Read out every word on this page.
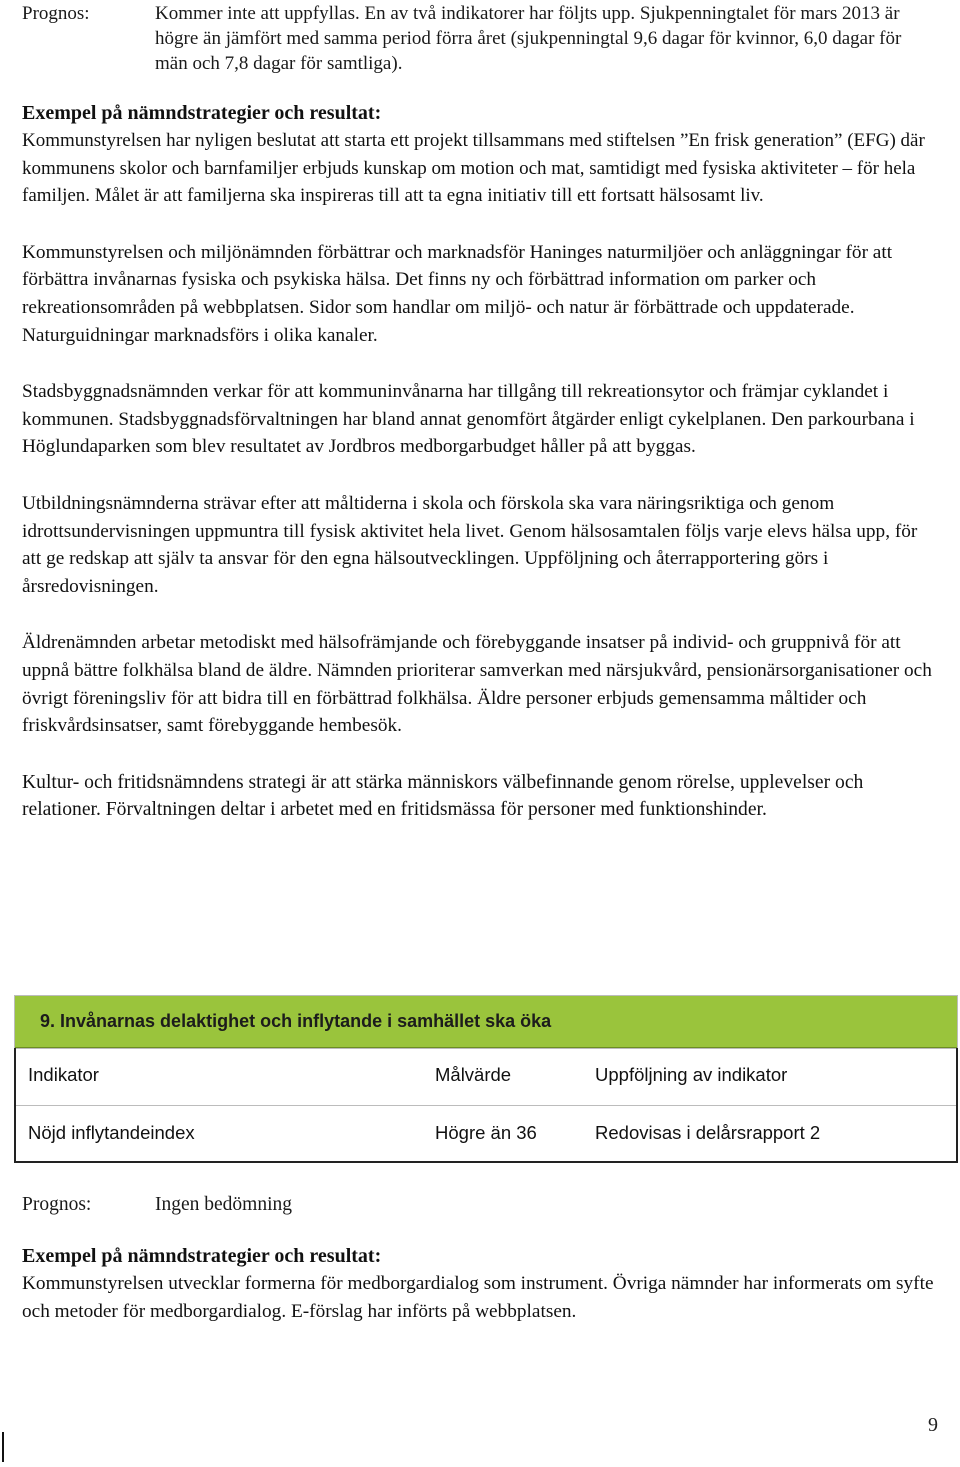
Prognos:	Kommer inte att uppfyllas. En av två indikatorer har följts upp. Sjukpenningtalet för mars 2013 är högre än jämfört med samma period förra året (sjukpenningtal 9,6 dagar för kvinnor, 6,0 dagar för män och 7,8 dagar för samtliga).
Exempel på nämndstrategier och resultat:

Kommunstyrelsen har nyligen beslutat att starta ett projekt tillsammans med stiftelsen ”En frisk generation” (EFG) där kommunens skolor och barnfamiljer erbjuds kunskap om motion och mat, samtidigt med fysiska aktiviteter – för hela familjen. Målet är att familjerna ska inspireras till att ta egna initiativ till ett fortsatt hälsosamt liv.

Kommunstyrelsen och miljönämnden förbättrar och marknadsför Haninges naturmiljöer och anläggningar för att förbättra invånarnas fysiska och psykiska hälsa. Det finns ny och förbättrad information om parker och rekreationsområden på webbplatsen. Sidor som handlar om miljö- och natur är förbättrade och uppdaterade. Naturguidningar marknadsförs i olika kanaler.

Stadsbyggnadsnämnden verkar för att kommuninvånarna har tillgång till rekreationsytor och främjar cyklandet i kommunen. Stadsbyggnadsförvaltningen har bland annat genomfört åtgärder enligt cykelplanen. Den parkourbana i Höglundaparken som blev resultatet av Jordbros medborgarbudget håller på att byggas.

Utbildningsnämnderna strävar efter att måltiderna i skola och förskola ska vara näringsriktiga och genom idrottsundervisningen uppmuntra till fysisk aktivitet hela livet. Genom hälsosamtalen följs varje elevs hälsa upp, för att ge redskap att själv ta ansvar för den egna hälsoutvecklingen. Uppföljning och återrapportering görs i årsredovisningen.

Äldrenämnden arbetar metodiskt med hälsofrämjande och förebyggande insatser på individ- och gruppnivå för att uppnå bättre folkhälsa bland de äldre. Nämnden prioriterar samverkan med närsjukvård, pensionärsorganisationer och övrigt föreningsliv för att bidra till en förbättrad folkhälsa. Äldre personer erbjuds gemensamma måltider och friskvårdsinsatser, samt förebyggande hembesök.

Kultur- och fritidsnämndens strategi är att stärka människors välbefinnande genom rörelse, upplevelser och relationer. Förvaltningen deltar i arbetet med en fritidsmässa för personer med funktionshinder.

9. Invånarnas delaktighet och inflytande i samhället ska öka
Indikator	Målvärde	Uppföljning av indikator
Nöjd inflytandeindex	Högre än 36	Redovisas i delårsrapport 2
Prognos:	Ingen bedömning
Exempel på nämndstrategier och resultat:

Kommunstyrelsen utvecklar formerna för medborgardialog som instrument. Övriga nämnder har informerats om syfte och metoder för medborgardialog. E-förslag har införts på webbplatsen.

9
